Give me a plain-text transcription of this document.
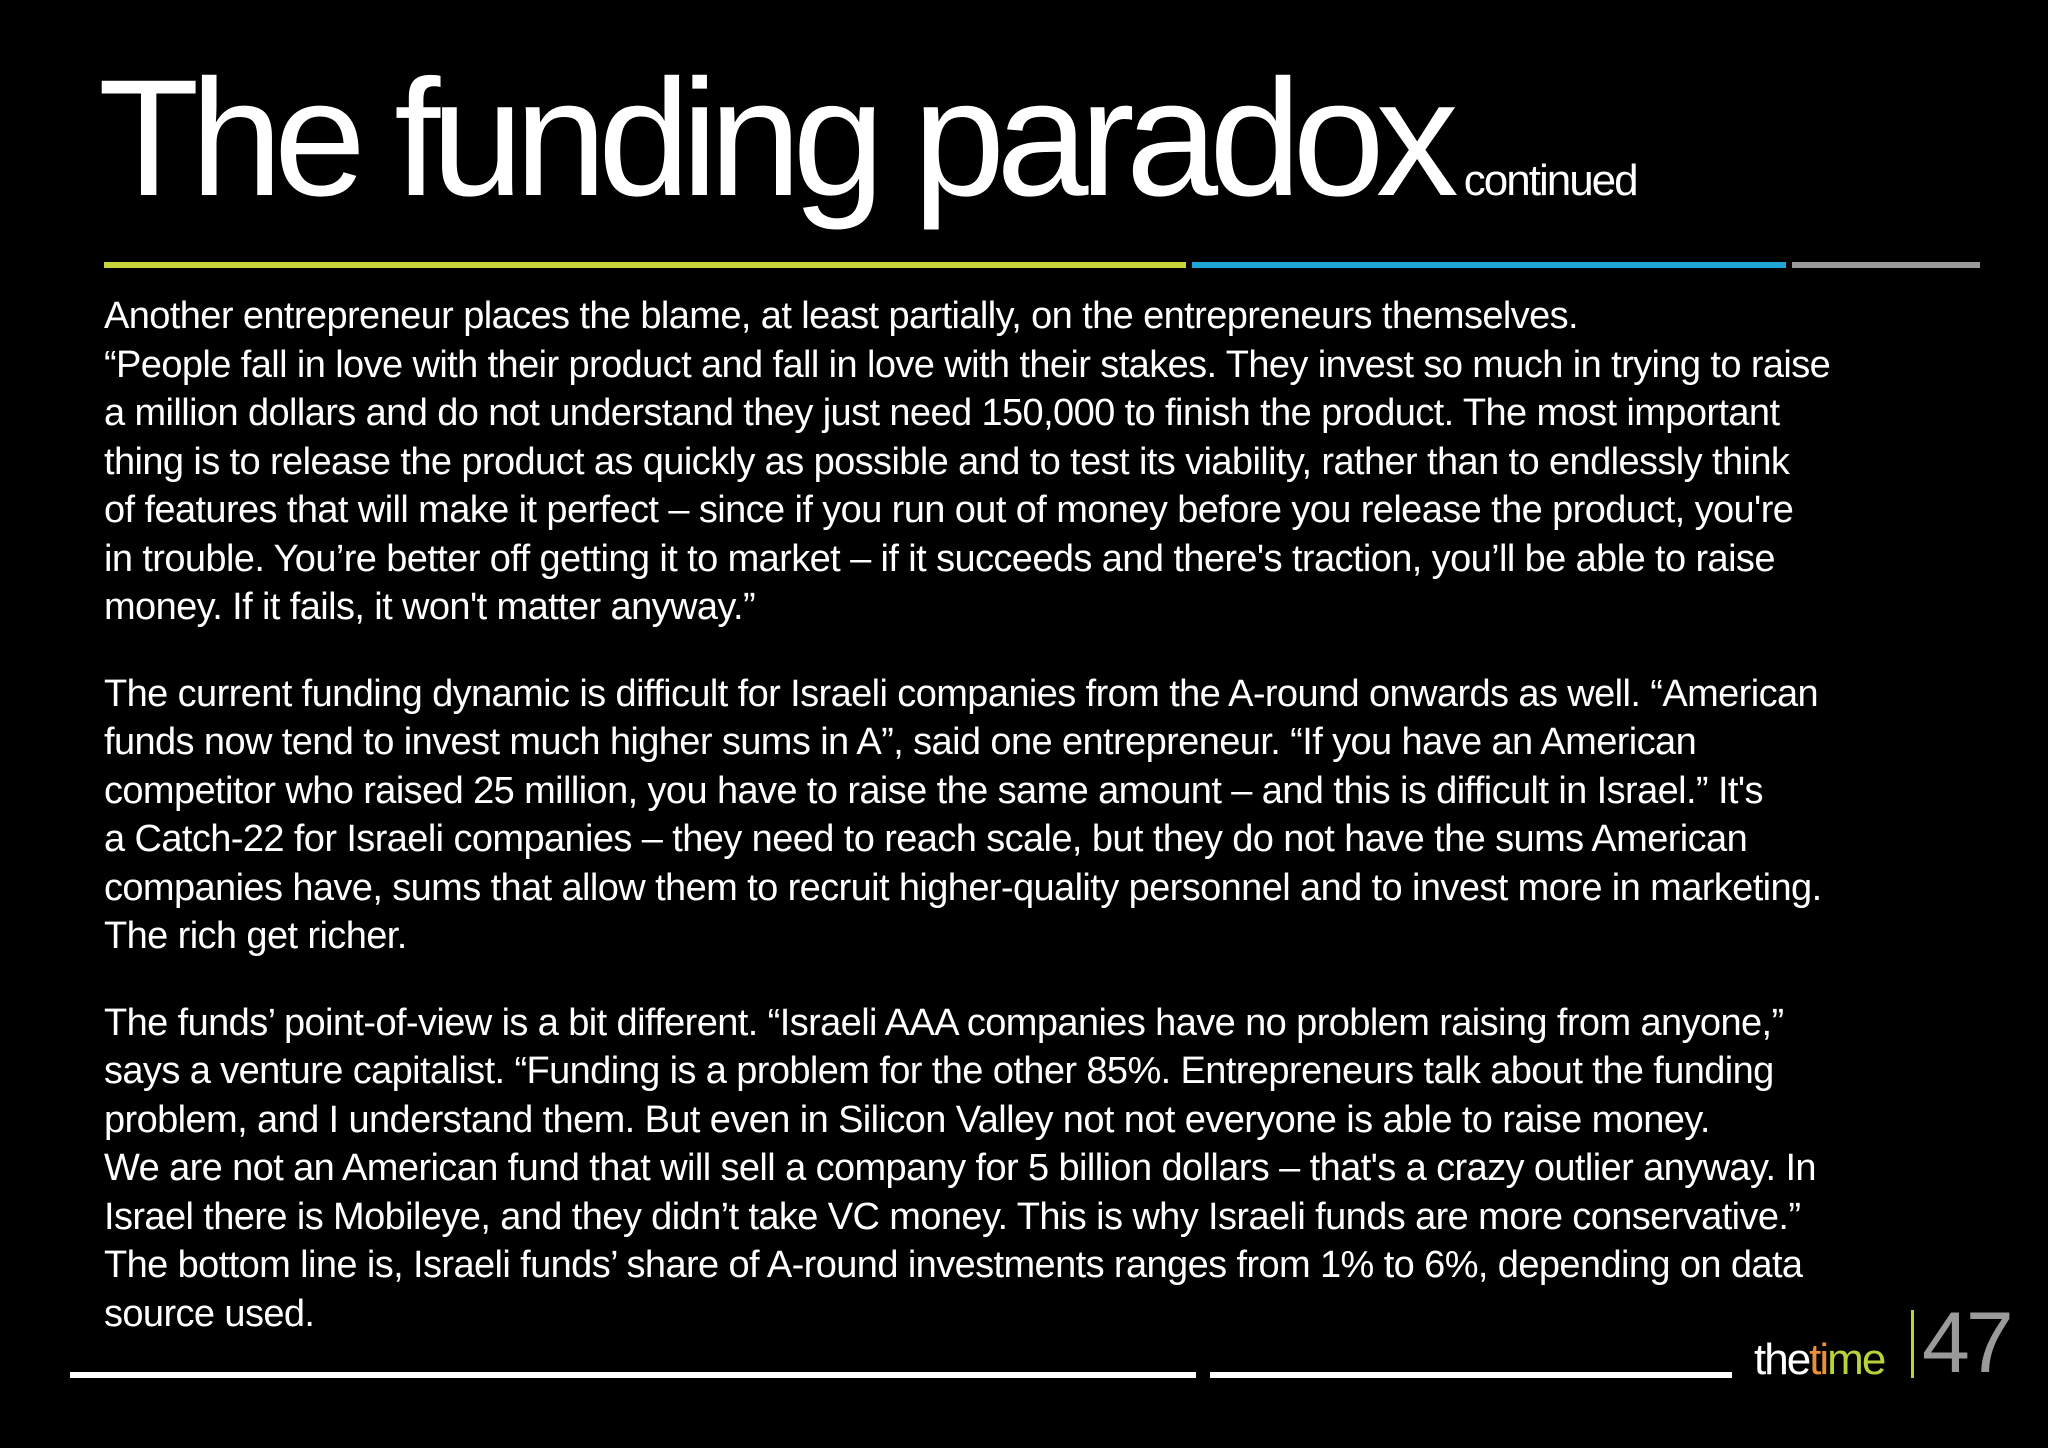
The funding paradox continued

Another entrepreneur places the blame, at least partially, on the entrepreneurs themselves.
“People fall in love with their product and fall in love with their stakes. They invest so much in trying to raise
a million dollars and do not understand they just need 150,000 to finish the product. The most important
thing is to release the product as quickly as possible and to test its viability, rather than to endlessly think
of features that will make it perfect – since if you run out of money before you release the product, you're
in trouble. You’re better off getting it to market – if it succeeds and there's traction, you’ll be able to raise
money. If it fails, it won't matter anyway.”

The current funding dynamic is difficult for Israeli companies from the A-round onwards as well. “American
funds now tend to invest much higher sums in A”, said one entrepreneur. “If you have an American
competitor who raised 25 million, you have to raise the same amount – and this is difficult in Israel.” It's
a Catch-22 for Israeli companies – they need to reach scale, but they do not have the sums American
companies have, sums that allow them to recruit higher-quality personnel and to invest more in marketing.
The rich get richer.

The funds’ point-of-view is a bit different. “Israeli AAA companies have no problem raising from anyone,”
says a venture capitalist. “Funding is a problem for the other 85%. Entrepreneurs talk about the funding
problem, and I understand them. But even in Silicon Valley not not everyone is able to raise money.
We are not an American fund that will sell a company for 5 billion dollars – that's a crazy outlier anyway. In
Israel there is Mobileye, and they didn’t take VC money. This is why Israeli funds are more conservative.”
The bottom line is, Israeli funds’ share of A-round investments ranges from 1% to 6%, depending on data
source used.

thetime 47
